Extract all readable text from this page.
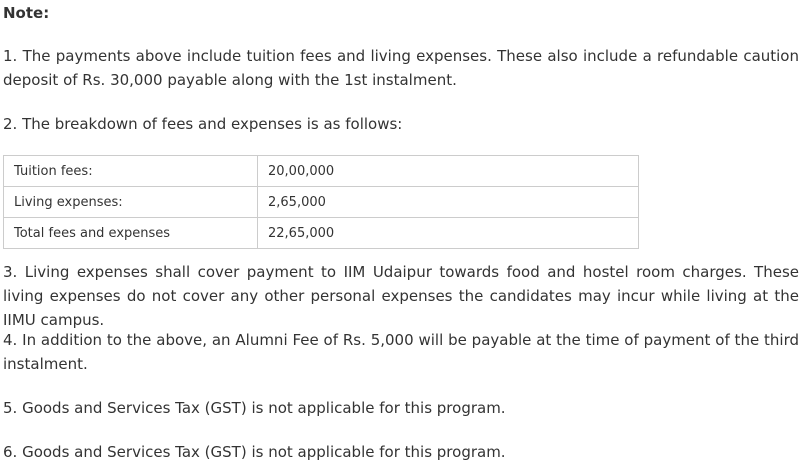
Note:

1. The payments above include tuition fees and living expenses. These also include a refundable caution deposit of Rs. 30,000 payable along with the 1st instalment.

2. The breakdown of fees and expenses is as follows:

Tuition fees:	20,00,000
Living expenses:	2,65,000
Total fees and expenses	22,65,000

3. Living expenses shall cover payment to IIM Udaipur towards food and hostel room charges. These living expenses do not cover any other personal expenses the candidates may incur while living at the IIMU campus.

4. In addition to the above, an Alumni Fee of Rs. 5,000 will be payable at the time of payment of the third instalment.

5. Goods and Services Tax (GST) is not applicable for this program.

6. Goods and Services Tax (GST) is not applicable for this program.
